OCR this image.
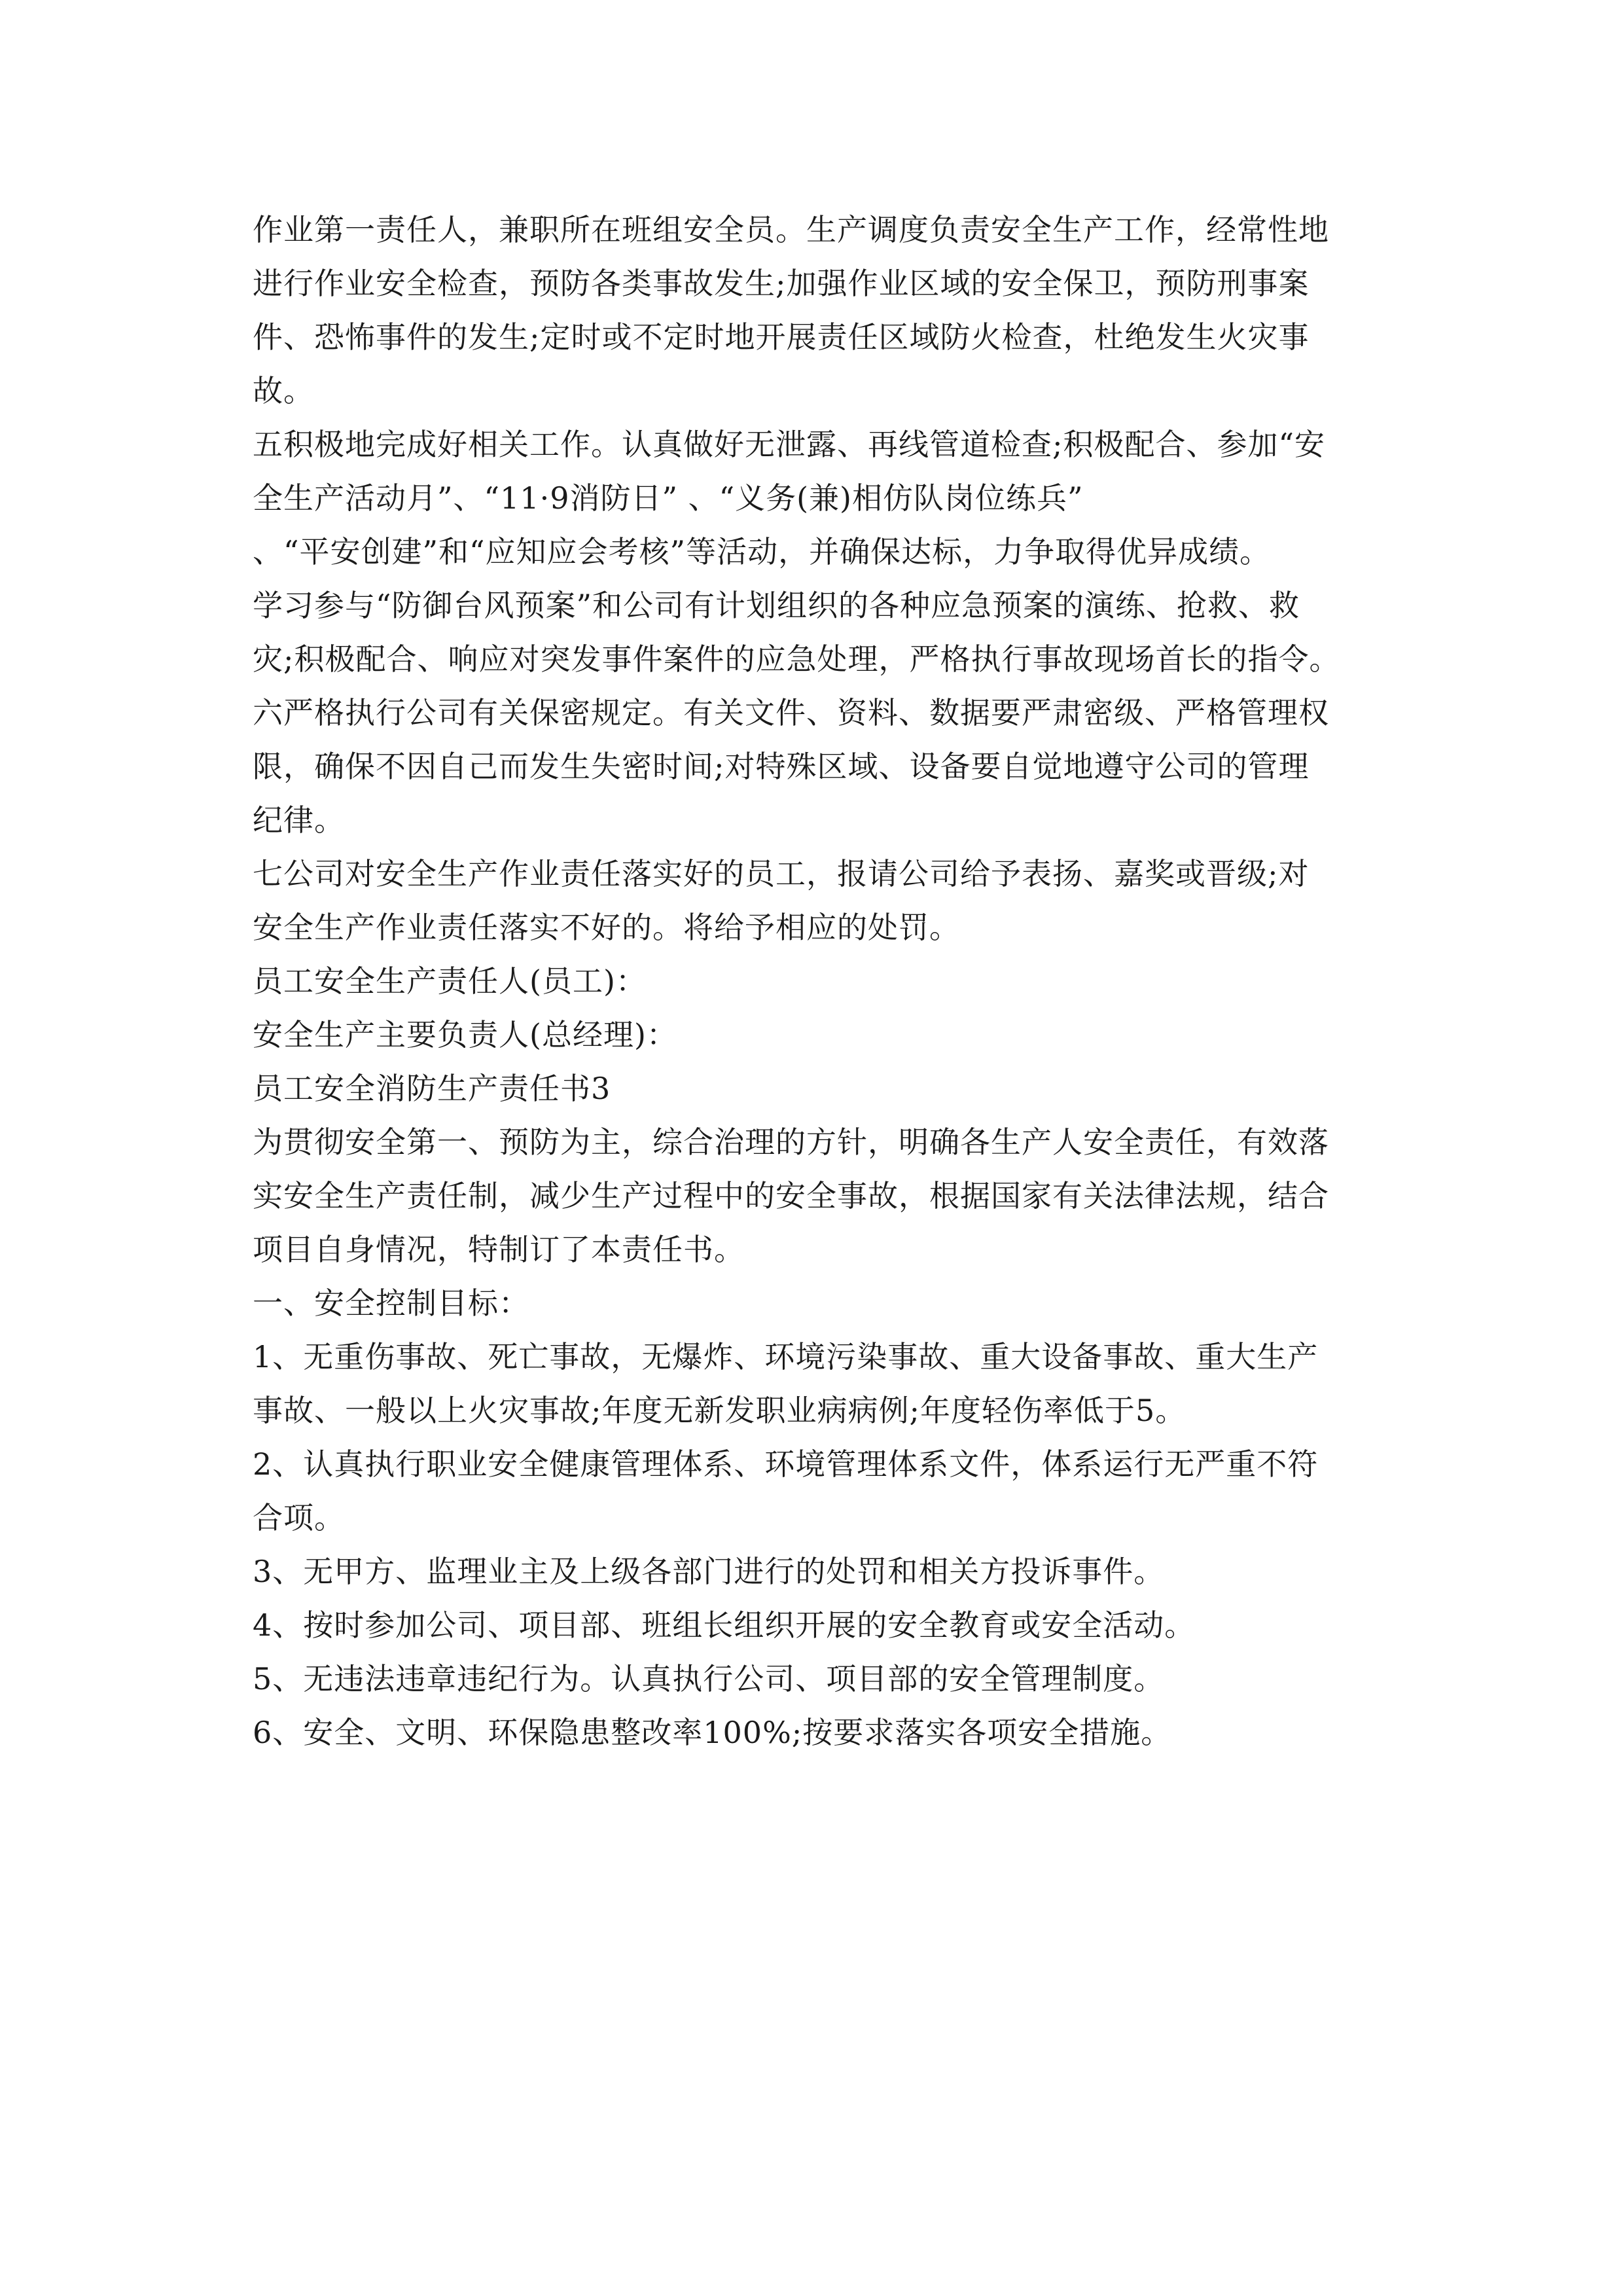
作业第一责任人，兼职所在班组安全员。生产调度负责安全生产工作，经常性地
进行作业安全检查，预防各类事故发生;加强作业区域的安全保卫，预防刑事案
件、恐怖事件的发生;定时或不定时地开展责任区域防火检查，杜绝发生火灾事
故。
五积极地完成好相关工作。认真做好无泄露、再线管道检查;积极配合、参加“安
全生产活动月”、“11·9消防日” 、“义务(兼)相仿队岗位练兵”
、“平安创建”和“应知应会考核”等活动，并确保达标，力争取得优异成绩。
学习参与“防御台风预案”和公司有计划组织的各种应急预案的演练、抢救、救
灾;积极配合、响应对突发事件案件的应急处理，严格执行事故现场首长的指令。
六严格执行公司有关保密规定。有关文件、资料、数据要严肃密级、严格管理权
限，确保不因自己而发生失密时间;对特殊区域、设备要自觉地遵守公司的管理
纪律。
七公司对安全生产作业责任落实好的员工，报请公司给予表扬、嘉奖或晋级;对
安全生产作业责任落实不好的。将给予相应的处罚。
员工安全生产责任人(员工)：
安全生产主要负责人(总经理)：
员工安全消防生产责任书3
为贯彻安全第一、预防为主，综合治理的方针，明确各生产人安全责任，有效落
实安全生产责任制，减少生产过程中的安全事故，根据国家有关法律法规，结合
项目自身情况，特制订了本责任书。
一、安全控制目标：
1、无重伤事故、死亡事故，无爆炸、环境污染事故、重大设备事故、重大生产
事故、一般以上火灾事故;年度无新发职业病病例;年度轻伤率低于5。
2、认真执行职业安全健康管理体系、环境管理体系文件，体系运行无严重不符
合项。
3、无甲方、监理业主及上级各部门进行的处罚和相关方投诉事件。
4、按时参加公司、项目部、班组长组织开展的安全教育或安全活动。
5、无违法违章违纪行为。认真执行公司、项目部的安全管理制度。
6、安全、文明、环保隐患整改率100%;按要求落实各项安全措施。
